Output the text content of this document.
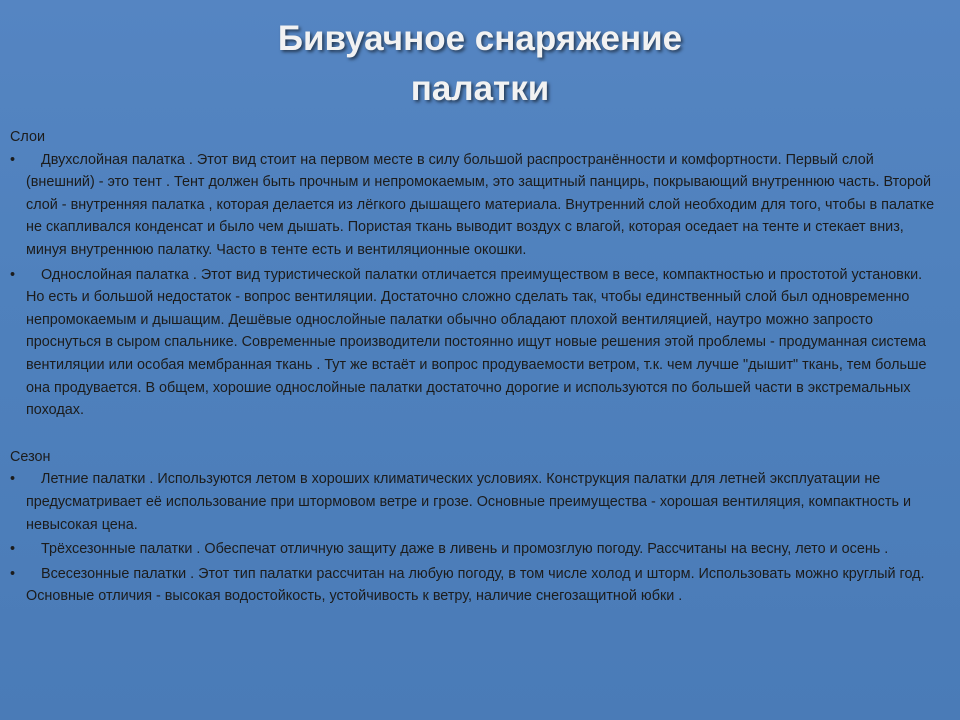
Бивуачное снаряжение
палатки
Слои
•	Двухслойная палатка . Этот вид стоит на первом месте в силу большой распространённости и комфортности. Первый слой (внешний) - это тент . Тент должен быть прочным и непромокаемым, это защитный панцирь, покрывающий внутреннюю часть. Второй слой - внутренняя палатка , которая делается из лёгкого дышащего материала. Внутренний слой необходим для того, чтобы в палатке не скапливался конденсат и было чем дышать. Пористая ткань выводит воздух с влагой, которая оседает на тенте и стекает вниз, минуя внутреннюю палатку. Часто в тенте есть и вентиляционные окошки.
•	Однослойная палатка . Этот вид туристической палатки отличается преимуществом в весе, компактностью и простотой установки. Но есть и большой недостаток - вопрос вентиляции. Достаточно сложно сделать так, чтобы единственный слой был одновременно непромокаемым и дышащим. Дешёвые однослойные палатки обычно обладают плохой вентиляцией, наутро можно запросто проснуться в сыром спальнике. Современные производители постоянно ищут новые решения этой проблемы - продуманная система вентиляции или особая мембранная ткань . Тут же встаёт и вопрос продуваемости ветром, т.к. чем лучше "дышит" ткань, тем больше она продувается. В общем, хорошие однослойные палатки достаточно дорогие и используются по большей части в экстремальных походах.
Сезон
•	Летние палатки . Используются летом в хороших климатических условиях. Конструкция палатки для летней эксплуатации не предусматривает её использование при штормовом ветре и грозе. Основные преимущества - хорошая вентиляция, компактность и невысокая цена.
•	Трёхсезонные палатки . Обеспечат отличную защиту даже в ливень и промозглую погоду. Рассчитаны на весну, лето и осень .
•	Всесезонные палатки . Этот тип палатки рассчитан на любую погоду, в том числе холод и шторм. Использовать можно круглый год. Основные отличия - высокая водостойкость, устойчивость к ветру, наличие снегозащитной юбки .
